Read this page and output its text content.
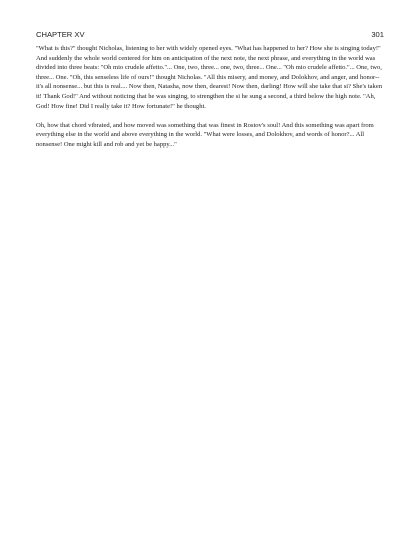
CHAPTER XV	301

"What is this?" thought Nicholas, listening to her with widely opened eyes. "What has happened to her? How she is singing today!" And suddenly the whole world centered for him on anticipation of the next note, the next phrase, and everything in the world was divided into three beats: "Oh mio crudele affetto."... One, two, three... one, two, three... One... "Oh mio crudele affetto."... One, two, three... One. "Oh, this senseless life of ours!" thought Nicholas. "All this misery, and money, and Dolokhov, and anger, and honor--it's all nonsense... but this is real.... Now then, Natasha, now then, dearest! Now then, darling! How will she take that si? She's taken it! Thank God!" And without noticing that he was singing, to strengthen the si he sung a second, a third below the high note. "Ah, God! How fine! Did I really take it? How fortunate!" he thought.

Oh, how that chord vibrated, and how moved was something that was finest in Rostov's soul! And this something was apart from everything else in the world and above everything in the world. "What were losses, and Dolokhov, and words of honor?... All nonsense! One might kill and rob and yet be happy..."
